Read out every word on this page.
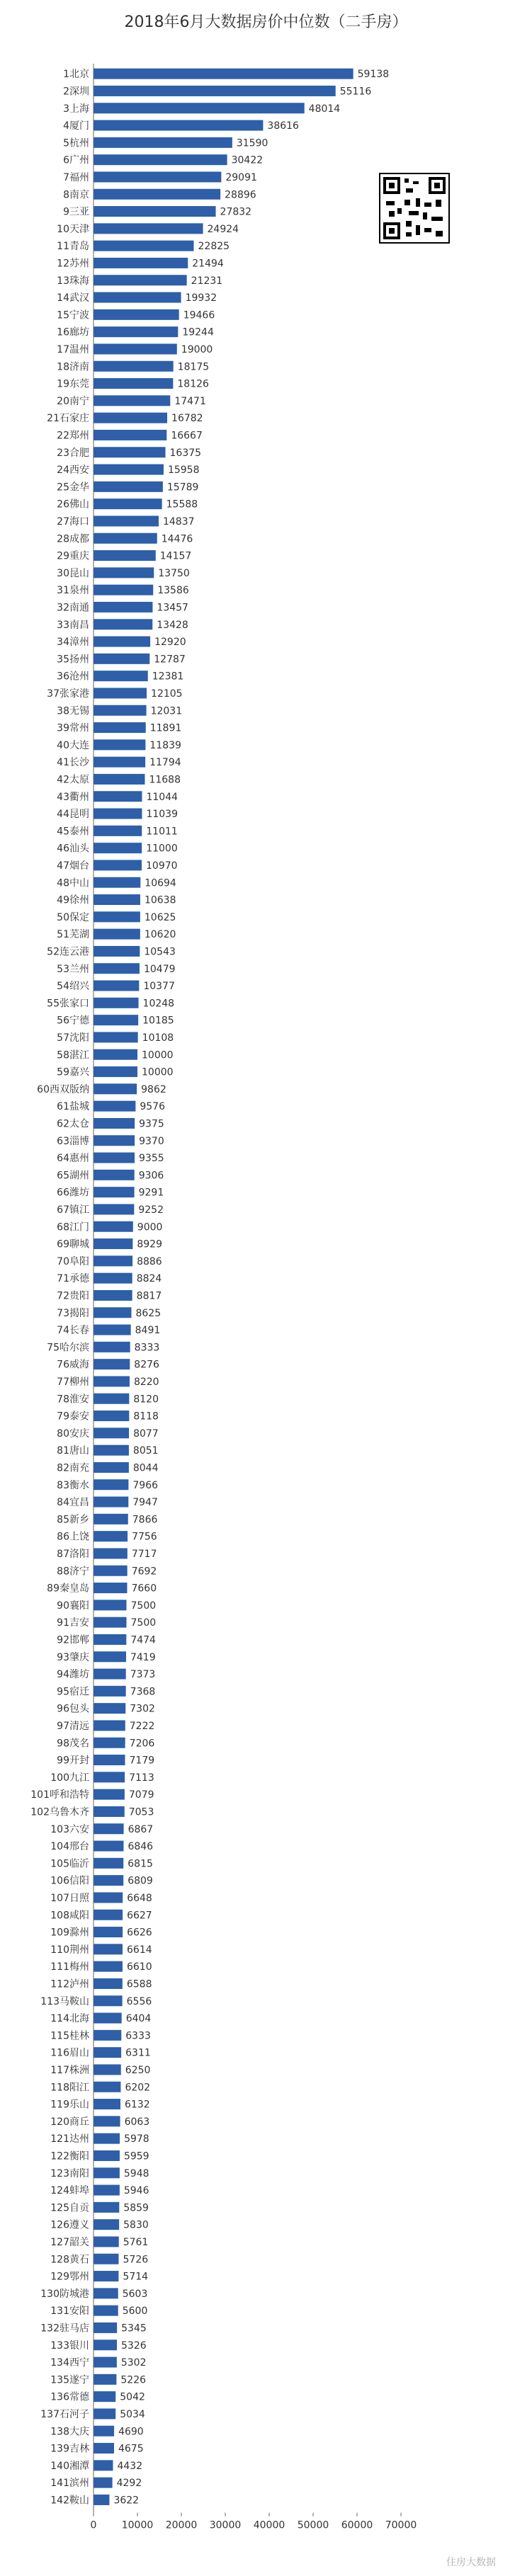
2018年6月大数据房价中位数（二手房）
1北京	59138
2深圳	55116
3上海	48014
4厦门	38616
5杭州	31590
6广州	30422
7福州	29091
8南京	28896
9三亚	27832
10天津	24924
11青岛	22825
12苏州	21494
13珠海	21231
14武汉	19932
15宁波	19466
16廊坊	19244
17温州	19000
18济南	18175
19东莞	18126
20南宁	17471
21石家庄	16782
22郑州	16667
23合肥	16375
24西安	15958
25金华	15789
26佛山	15588
27海口	14837
28成都	14476
29重庆	14157
30昆山	13750
31泉州	13586
32南通	13457
33南昌	13428
34漳州	12920
35扬州	12787
36沧州	12381
37张家港	12105
38无锡	12031
39常州	11891
40大连	11839
41长沙	11794
42太原	11688
43衢州	11044
44昆明	11039
45泰州	11011
46汕头	11000
47烟台	10970
48中山	10694
49徐州	10638
50保定	10625
51芜湖	10620
52连云港	10543
53兰州	10479
54绍兴	10377
55张家口	10248
56宁德	10185
57沈阳	10108
58湛江	10000
59嘉兴	10000
60西双版纳	9862
61盐城	9576
62太仓	9375
63淄博	9370
64惠州	9355
65湖州	9306
66潍坊	9291
67镇江	9252
68江门	9000
69聊城	8929
70阜阳	8886
71承德	8824
72贵阳	8817
73揭阳	8625
74长春	8491
75哈尔滨	8333
76威海	8276
77柳州	8220
78淮安	8120
79泰安	8118
80安庆	8077
81唐山	8051
82南充	8044
83衡水	7966
84宜昌	7947
85新乡	7866
86上饶	7756
87洛阳	7717
88济宁	7692
89秦皇岛	7660
90襄阳	7500
91吉安	7500
92邯郸	7474
93肇庆	7419
94潍坊	7373
95宿迁	7368
96包头	7302
97清远	7222
98茂名	7206
99开封	7179
100九江	7113
101呼和浩特	7079
102乌鲁木齐	7053
103六安	6867
104邢台	6846
105临沂	6815
106信阳	6809
107日照	6648
108咸阳	6627
109滁州	6626
110荆州	6614
111梅州	6610
112泸州	6588
113马鞍山	6556
114北海	6404
115桂林	6333
116眉山	6311
117株洲	6250
118阳江	6202
119乐山	6132
120商丘	6063
121达州	5978
122衡阳	5959
123南阳	5948
124蚌埠	5946
125自贡	5859
126遵义	5830
127韶关	5761
128黄石	5726
129鄂州	5714
130防城港	5603
131安阳	5600
132驻马店	5345
133银川	5326
134西宁	5302
135遂宁	5226
136常德	5042
137石河子	5034
138大庆	4690
139吉林	4675
140湘潭	4432
141滨州	4292
142鞍山 3622
0	10000 20000 30000 40000 50000 60000 70000
住房大数据
